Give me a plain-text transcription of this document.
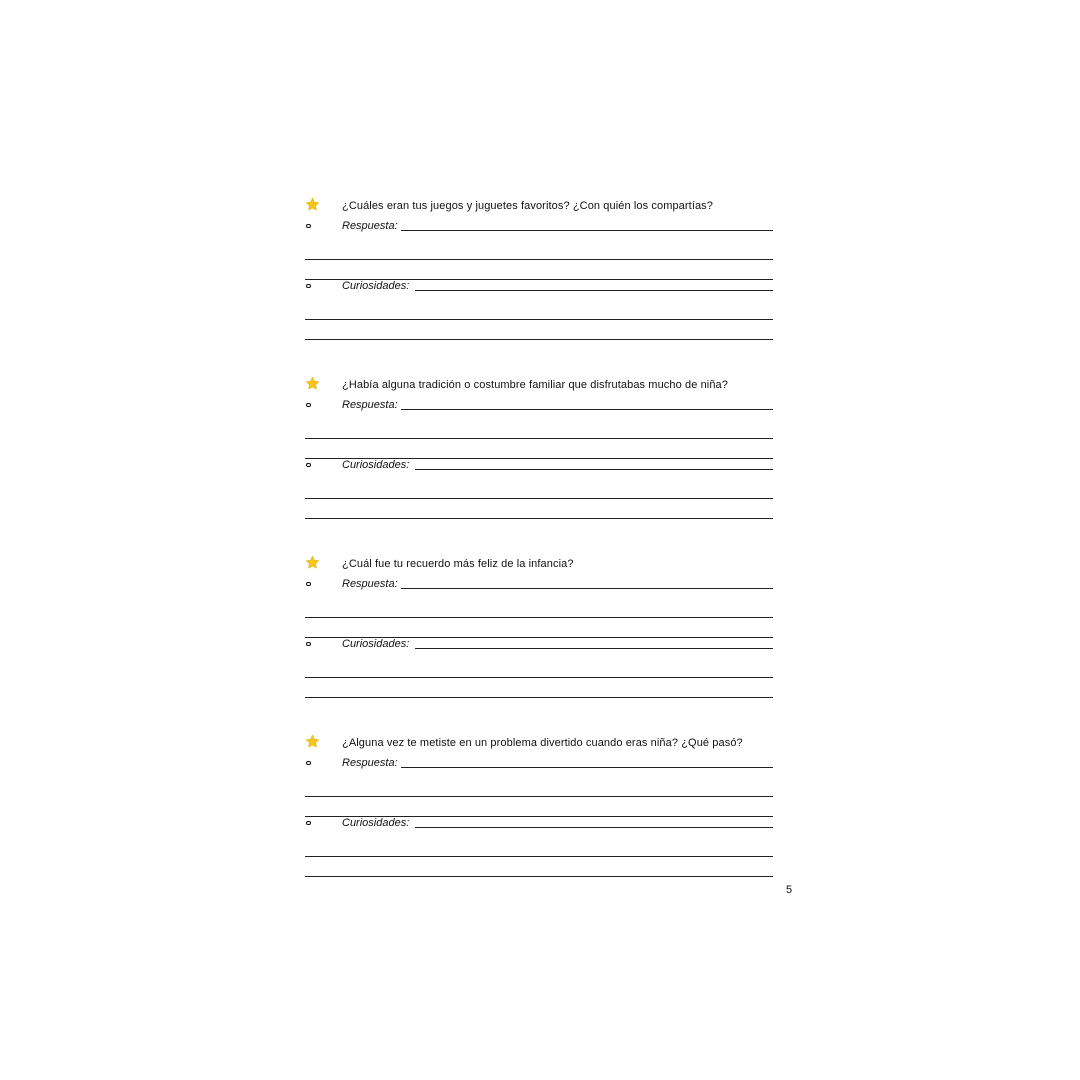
¿Cuáles eran tus juegos y juguetes favoritos? ¿Con quién los compartías?
Respuesta:
Curiosidades:
¿Había alguna tradición o costumbre familiar que disfrutabas mucho de niña?
Respuesta:
Curiosidades:
¿Cuál fue tu recuerdo más feliz de la infancia?
Respuesta:
Curiosidades:
¿Alguna vez te metiste en un problema divertido cuando eras niña? ¿Qué pasó?
Respuesta:
Curiosidades:
5
